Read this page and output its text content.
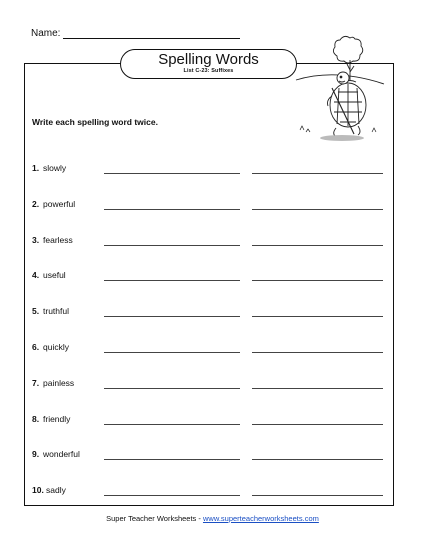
Name:
Spelling Words
List C-23: Suffixes
Write each spelling word twice.
1. slowly
2. powerful
3. fearless
4. useful
5. truthful
6. quickly
7. painless
8. friendly
9. wonderful
10. sadly
Super Teacher Worksheets - www.superteacherworksheets.com
